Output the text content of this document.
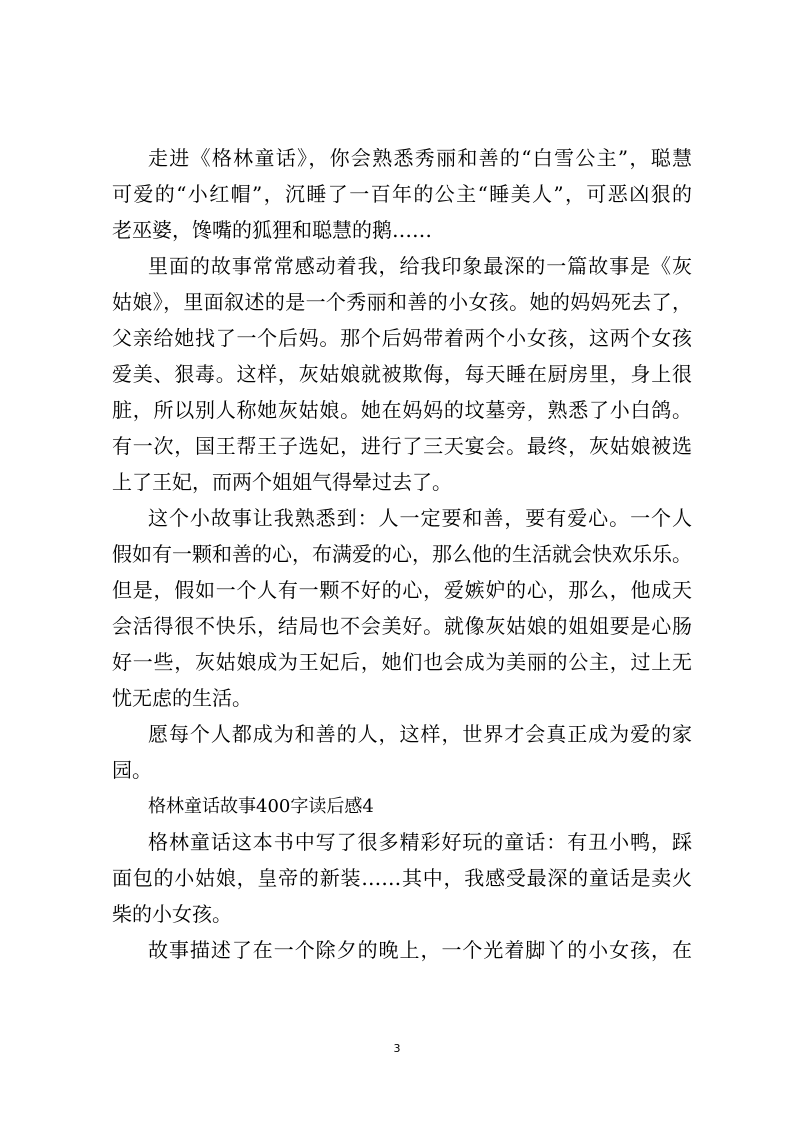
走进《格林童话》，你会熟悉秀丽和善的“白雪公主”，聪慧
可爱的“小红帽”，沉睡了一百年的公主“睡美人”，可恶凶狠的
老巫婆，馋嘴的狐狸和聪慧的鹅……
里面的故事常常感动着我，给我印象最深的一篇故事是《灰
姑娘》，里面叙述的是一个秀丽和善的小女孩。她的妈妈死去了，
父亲给她找了一个后妈。那个后妈带着两个小女孩，这两个女孩
爱美、狠毒。这样，灰姑娘就被欺侮，每天睡在厨房里，身上很
脏，所以别人称她灰姑娘。她在妈妈的坟墓旁，熟悉了小白鸽。
有一次，国王帮王子选妃，进行了三天宴会。最终，灰姑娘被选
上了王妃，而两个姐姐气得晕过去了。
这个小故事让我熟悉到：人一定要和善，要有爱心。一个人
假如有一颗和善的心，布满爱的心，那么他的生活就会快欢乐乐。
但是，假如一个人有一颗不好的心，爱嫉妒的心，那么，他成天
会活得很不快乐，结局也不会美好。就像灰姑娘的姐姐要是心肠
好一些，灰姑娘成为王妃后，她们也会成为美丽的公主，过上无
忧无虑的生活。
愿每个人都成为和善的人，这样，世界才会真正成为爱的家
园。
格林童话故事400字读后感4
格林童话这本书中写了很多精彩好玩的童话：有丑小鸭，踩
面包的小姑娘，皇帝的新装……其中，我感受最深的童话是卖火
柴的小女孩。
故事描述了在一个除夕的晚上，一个光着脚丫的小女孩，在
3
